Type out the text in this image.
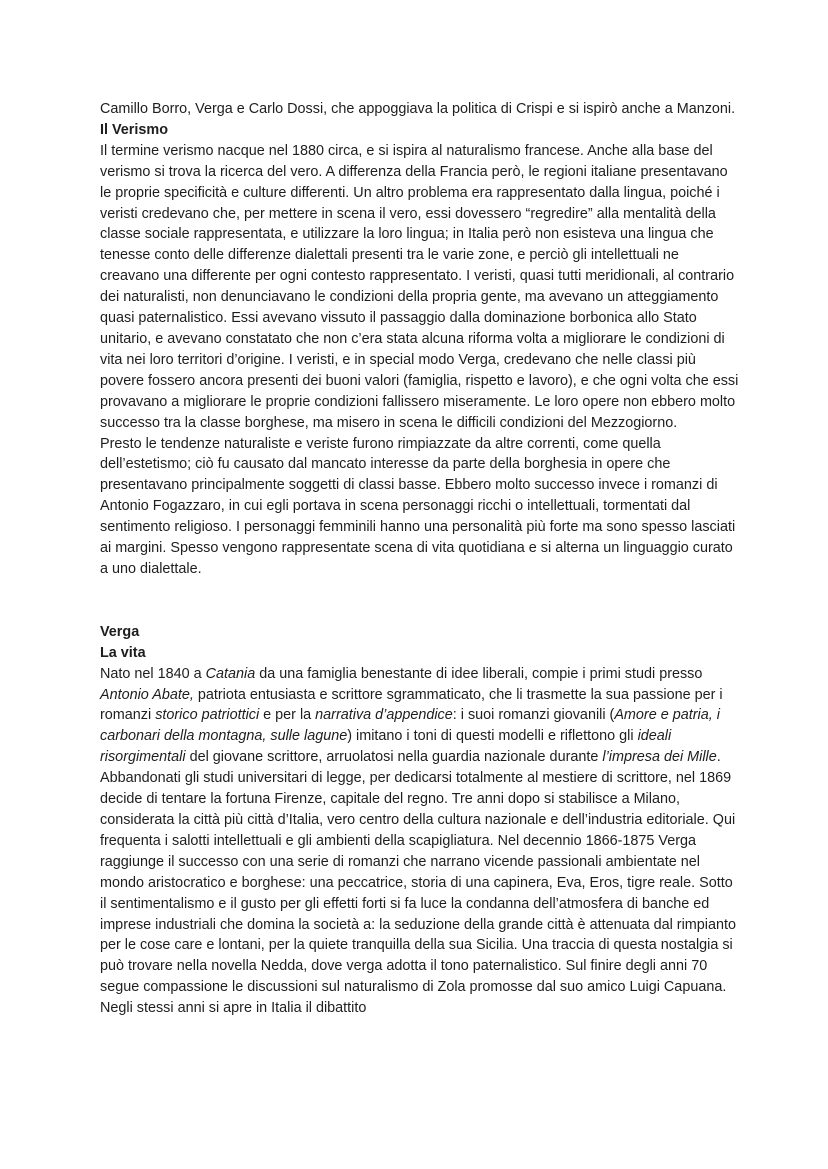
Camillo Borro, Verga e Carlo Dossi, che appoggiava la politica di Crispi e si ispirò anche a Manzoni.

Il Verismo

Il termine verismo nacque nel 1880 circa, e si ispira al naturalismo francese. Anche alla base del verismo si trova la ricerca del vero. A differenza della Francia però, le regioni italiane presentavano le proprie specificità e culture differenti. Un altro problema era rappresentato dalla lingua, poiché i veristi credevano che, per mettere in scena il vero, essi dovessero “regredire” alla mentalità della classe sociale rappresentata, e utilizzare la loro lingua; in Italia però non esisteva una lingua che tenesse conto delle differenze dialettali presenti tra le varie zone, e perciò gli intellettuali ne creavano una differente per ogni contesto rappresentato. I veristi, quasi tutti meridionali, al contrario dei naturalisti, non denunciavano le condizioni della propria gente, ma avevano un atteggiamento quasi paternalistico. Essi avevano vissuto il passaggio dalla dominazione borbonica allo Stato unitario, e avevano constatato che non c’era stata alcuna riforma volta a migliorare le condizioni di vita nei loro territori d’origine. I veristi, e in special modo Verga, credevano che nelle classi più povere fossero ancora presenti dei buoni valori (famiglia, rispetto e lavoro), e che ogni volta che essi provavano a migliorare le proprie condizioni fallissero miseramente. Le loro opere non ebbero molto successo tra la classe borghese, ma misero in scena le difficili condizioni del Mezzogiorno.

Presto le tendenze naturaliste e veriste furono rimpiazzate da altre correnti, come quella dell’estetismo; ciò fu causato dal mancato interesse da parte della borghesia in opere che presentavano principalmente soggetti di classi basse. Ebbero molto successo invece i romanzi di Antonio Fogazzaro, in cui egli portava in scena personaggi ricchi o intellettuali, tormentati dal sentimento religioso. I personaggi femminili hanno una personalità più forte ma sono spesso lasciati ai margini. Spesso vengono rappresentate scena di vita quotidiana e si alterna un linguaggio curato a uno dialettale.

Verga
La vita

Nato nel 1840 a Catania da una famiglia benestante di idee liberali, compie i primi studi presso Antonio Abate, patriota entusiasta e scrittore sgrammaticato, che li trasmette la sua passione per i romanzi storico patriottici e per la narrativa d’appendice: i suoi romanzi giovanili (Amore e patria, i carbonari della montagna, sulle lagune) imitano i toni di questi modelli e riflettono gli ideali risorgimentali del giovane scrittore, arruolatosi nella guardia nazionale durante l’impresa dei Mille. Abbandonati gli studi universitari di legge, per dedicarsi totalmente al mestiere di scrittore, nel 1869 decide di tentare la fortuna Firenze, capitale del regno. Tre anni dopo si stabilisce a Milano, considerata la città più città d’Italia, vero centro della cultura nazionale e dell’industria editoriale. Qui frequenta i salotti intellettuali e gli ambienti della scapigliatura. Nel decennio 1866-1875 Verga raggiunge il successo con una serie di romanzi che narrano vicende passionali ambientate nel mondo aristocratico e borghese: una peccatrice, storia di una capinera, Eva, Eros, tigre reale. Sotto il sentimentalismo e il gusto per gli effetti forti si fa luce la condanna dell’atmosfera di banche ed imprese industriali che domina la società a: la seduzione della grande città è attenuata dal rimpianto per le cose care e lontani, per la quiete tranquilla della sua Sicilia. Una traccia di questa nostalgia si può trovare nella novella Nedda, dove verga adotta il tono paternalistico. Sul finire degli anni 70 segue compassione le discussioni sul naturalismo di Zola promosse dal suo amico Luigi Capuana. Negli stessi anni si apre in Italia il dibattito
